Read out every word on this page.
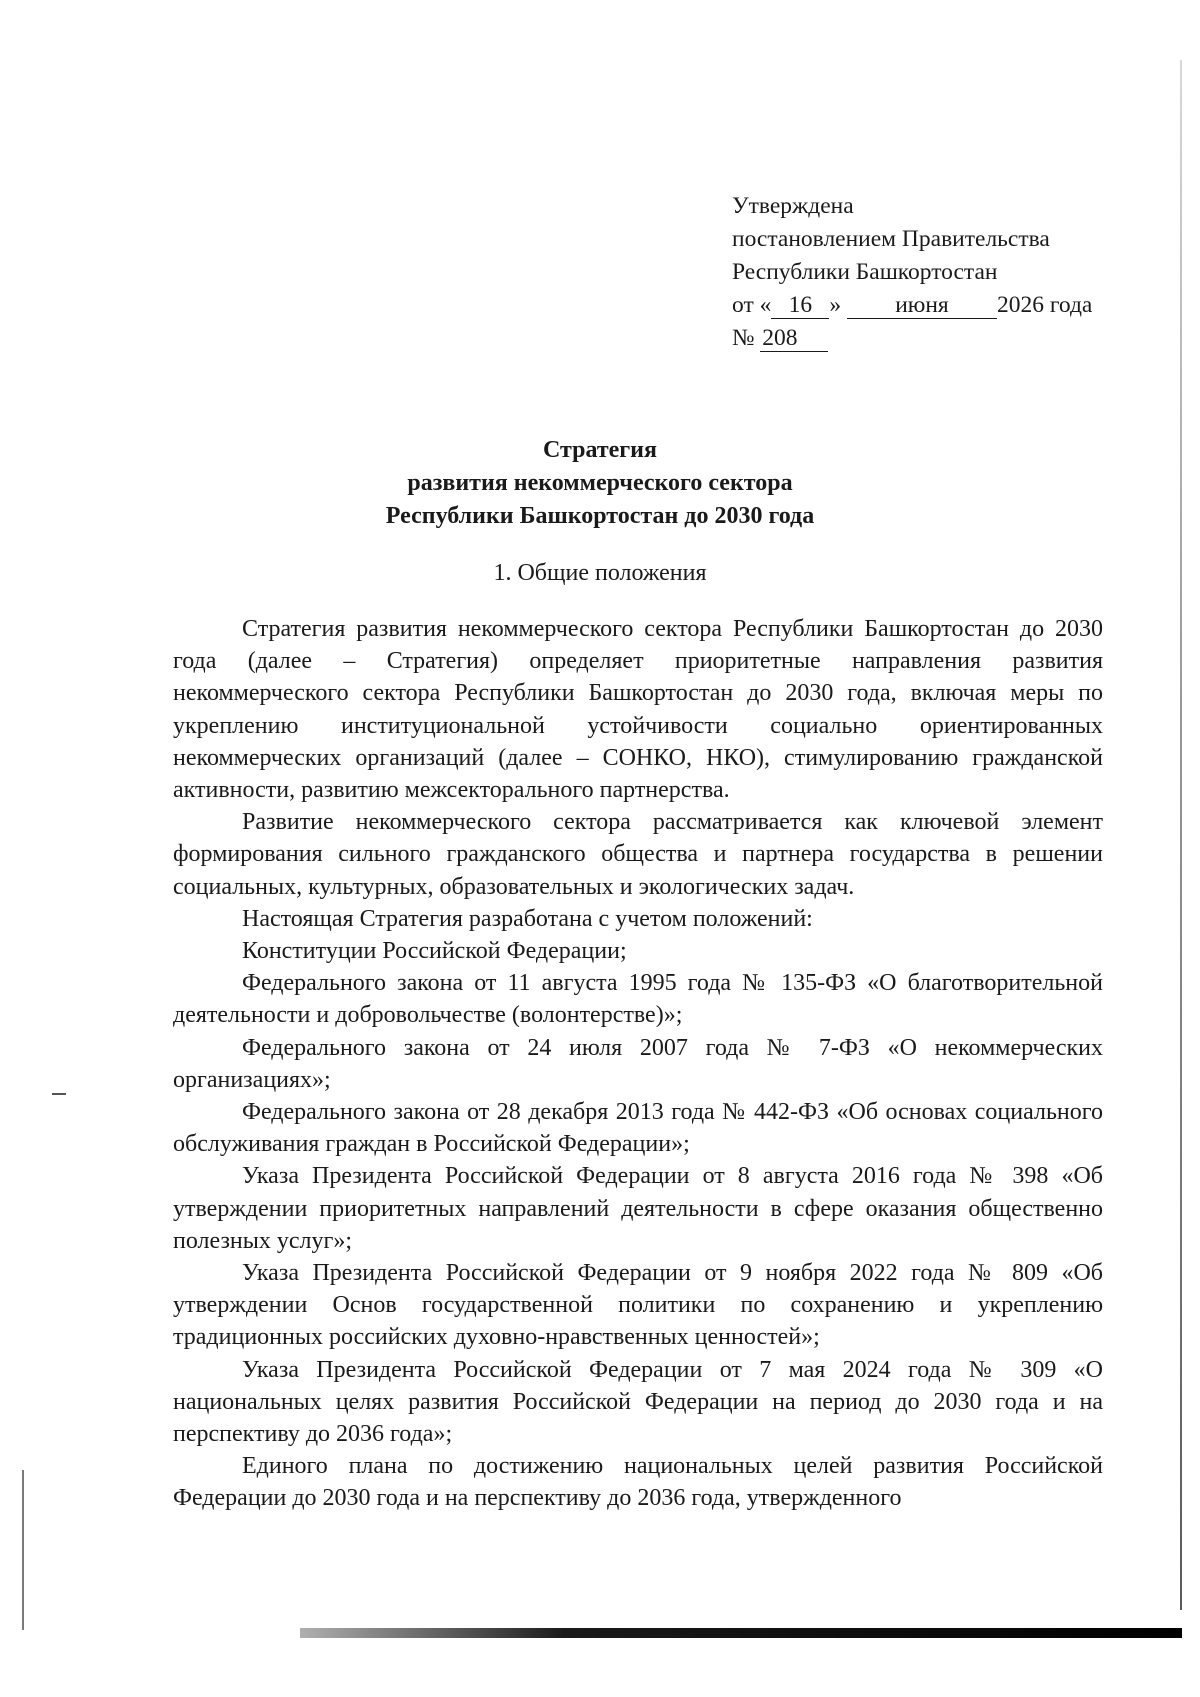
Утверждена
постановлением Правительства
Республики Башкортостан
от « 16 » июня 2026 года
№ 208
Стратегия
развития некоммерческого сектора
Республики Башкортостан до 2030 года
1. Общие положения

Стратегия развития некоммерческого сектора Республики Башкортостан до 2030 года (далее – Стратегия) определяет приоритетные направления развития некоммерческого сектора Республики Башкортостан до 2030 года, включая меры по укреплению институциональной устойчивости социально ориентированных некоммерческих организаций (далее – СОНКО, НКО), стимулированию гражданской активности, развитию межсекторального партнерства.

Развитие некоммерческого сектора рассматривается как ключевой элемент формирования сильного гражданского общества и партнера государства в решении социальных, культурных, образовательных и экологических задач.

Настоящая Стратегия разработана с учетом положений:

Конституции Российской Федерации;

Федерального закона от 11 августа 1995 года № 135-ФЗ «О благотворительной деятельности и добровольчестве (волонтерстве)»;

Федерального закона от 24 июля 2007 года № 7-ФЗ «О некоммерческих организациях»;

Федерального закона от 28 декабря 2013 года № 442-ФЗ «Об основах социального обслуживания граждан в Российской Федерации»;

Указа Президента Российской Федерации от 8 августа 2016 года № 398 «Об утверждении приоритетных направлений деятельности в сфере оказания общественно полезных услуг»;

Указа Президента Российской Федерации от 9 ноября 2022 года № 809 «Об утверждении Основ государственной политики по сохранению и укреплению традиционных российских духовно-нравственных ценностей»;

Указа Президента Российской Федерации от 7 мая 2024 года № 309 «О национальных целях развития Российской Федерации на период до 2030 года и на перспективу до 2036 года»;

Единого плана по достижению национальных целей развития Российской Федерации до 2030 года и на перспективу до 2036 года, утвержденного
